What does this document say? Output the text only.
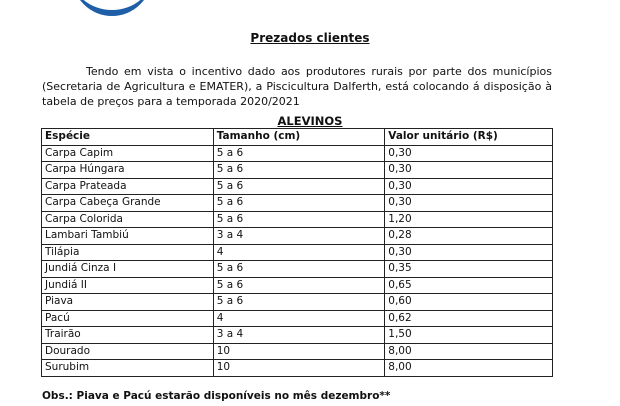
Prezados clientes

Tendo em vista o incentivo dado aos produtores rurais por parte dos municípios (Secretaria de Agricultura e EMATER), a Piscicultura Dalferth, está colocando á disposição à tabela de preços para a temporada 2020/2021

ALEVINOS
Espécie	Tamanho (cm)	Valor unitário (R$)
Carpa Capim	5 a 6	0,30
Carpa Húngara	5 a 6	0,30
Carpa Prateada	5 a 6	0,30
Carpa Cabeça Grande	5 a 6	0,30
Carpa Colorida	5 a 6	1,20
Lambari Tambiú	3 a 4	0,28
Tilápia	4	0,30
Jundiá Cinza I	5 a 6	0,35
Jundiá II	5 a 6	0,65
Piava	5 a 6	0,60
Pacú	4	0,62
Trairão	3 a 4	1,50
Dourado	10	8,00
Surubim	10	8,00
Obs.: Piava e Pacú estarão disponíveis no mês dezembro**
